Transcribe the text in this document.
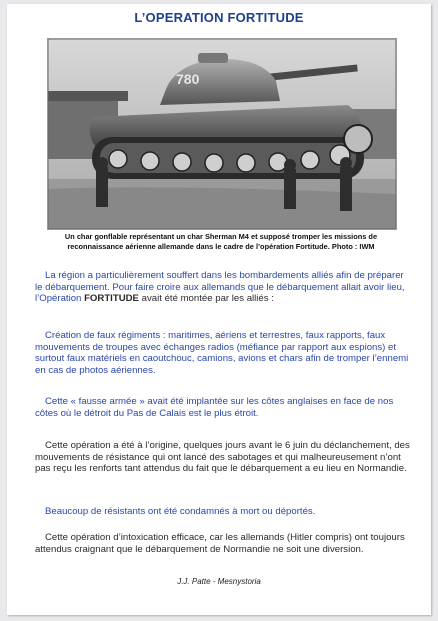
L’OPERATION FORTITUDE
780
Un char gonflable représentant un char Sherman M4 et supposé tromper les missions de
reconnaissance aérienne allemande dans le cadre de l’opération Fortitude. Photo : IWM

La région a particulièrement souffert dans les bombardements alliés afin de préparer le débarquement. Pour faire croire aux allemands que le débarquement allait avoir lieu, l’Opération FORTITUDE avait été montée par les alliés :

Création de faux régiments : maritimes, aériens et terrestres, faux rapports, faux mouvements de troupes avec échanges radios (méfiance par rapport aux espions) et surtout faux matériels en caoutchouc, camions, avions et chars afin de tromper l’ennemi en cas de photos aériennes.

Cette « fausse armée » avait été implantée sur les côtes anglaises en face de nos côtes où le détroit du Pas de Calais est le plus étroit.

Cette opération a été à l’origine, quelques jours avant le 6 juin du déclanchement, des mouvements de résistance qui ont lancé des sabotages et qui malheureusement n’ont pas reçu les renforts tant attendus du fait que le débarquement a eu lieu en Normandie.

Beaucoup de résistants ont été condamnés à mort ou déportés.

Cette opération d’intoxication efficace, car les allemands (Hitler compris) ont toujours attendus craignant que le débarquement de Normandie ne soit une diversion.

J.J. Patte - Mesnystoria
